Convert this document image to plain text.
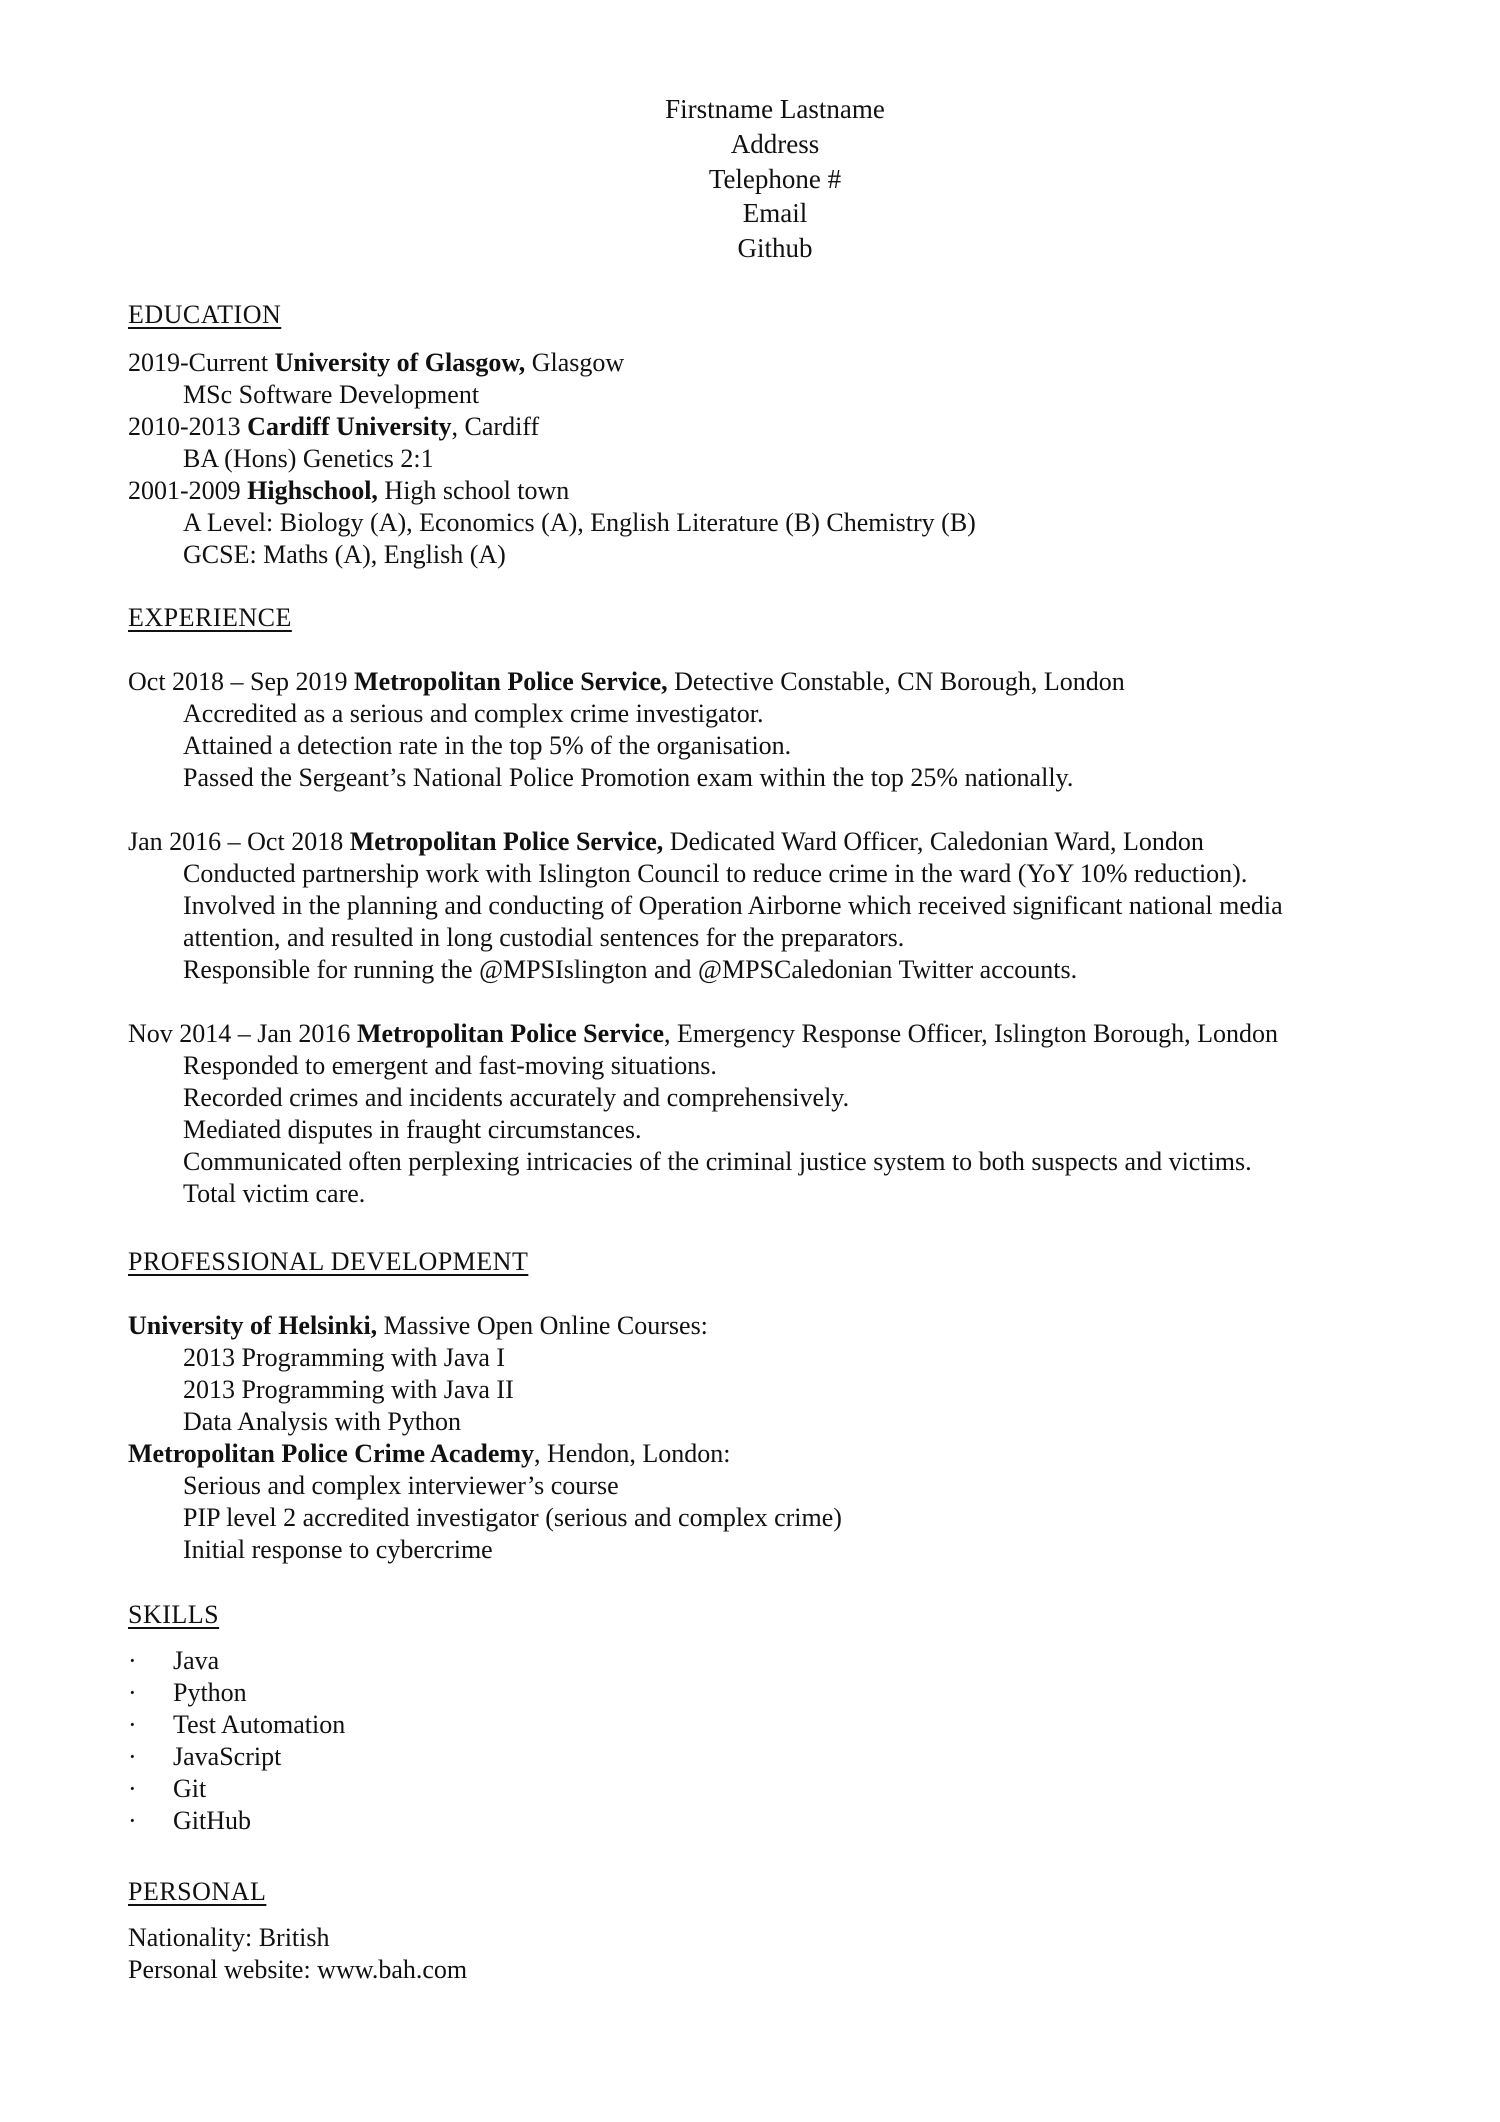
Firstname Lastname
Address
Telephone #
Email
Github
EDUCATION
2019-Current University of Glasgow, Glasgow
MSc Software Development
2010-2013 Cardiff University, Cardiff
BA (Hons) Genetics 2:1
2001-2009 Highschool, High school town
A Level: Biology (A), Economics (A), English Literature (B) Chemistry (B)
GCSE: Maths (A), English (A)
EXPERIENCE
Oct 2018 – Sep 2019 Metropolitan Police Service, Detective Constable, CN Borough, London
Accredited as a serious and complex crime investigator.
Attained a detection rate in the top 5% of the organisation.
Passed the Sergeant’s National Police Promotion exam within the top 25% nationally.
Jan 2016 – Oct 2018 Metropolitan Police Service, Dedicated Ward Officer, Caledonian Ward, London
Conducted partnership work with Islington Council to reduce crime in the ward (YoY 10% reduction).
Involved in the planning and conducting of Operation Airborne which received significant national media
attention, and resulted in long custodial sentences for the preparators.
Responsible for running the @MPSIslington and @MPSCaledonian Twitter accounts.
Nov 2014 – Jan 2016 Metropolitan Police Service, Emergency Response Officer, Islington Borough, London
Responded to emergent and fast-moving situations.
Recorded crimes and incidents accurately and comprehensively.
Mediated disputes in fraught circumstances.
Communicated often perplexing intricacies of the criminal justice system to both suspects and victims.
Total victim care.
PROFESSIONAL DEVELOPMENT
University of Helsinki, Massive Open Online Courses:
2013 Programming with Java I
2013 Programming with Java II
Data Analysis with Python
Metropolitan Police Crime Academy, Hendon, London:
Serious and complex interviewer’s course
PIP level 2 accredited investigator (serious and complex crime)
Initial response to cybercrime
SKILLS
·	Java
·	Python
·	Test Automation
·	JavaScript
·	Git
·	GitHub
PERSONAL
Nationality: British
Personal website: www.bah.com
